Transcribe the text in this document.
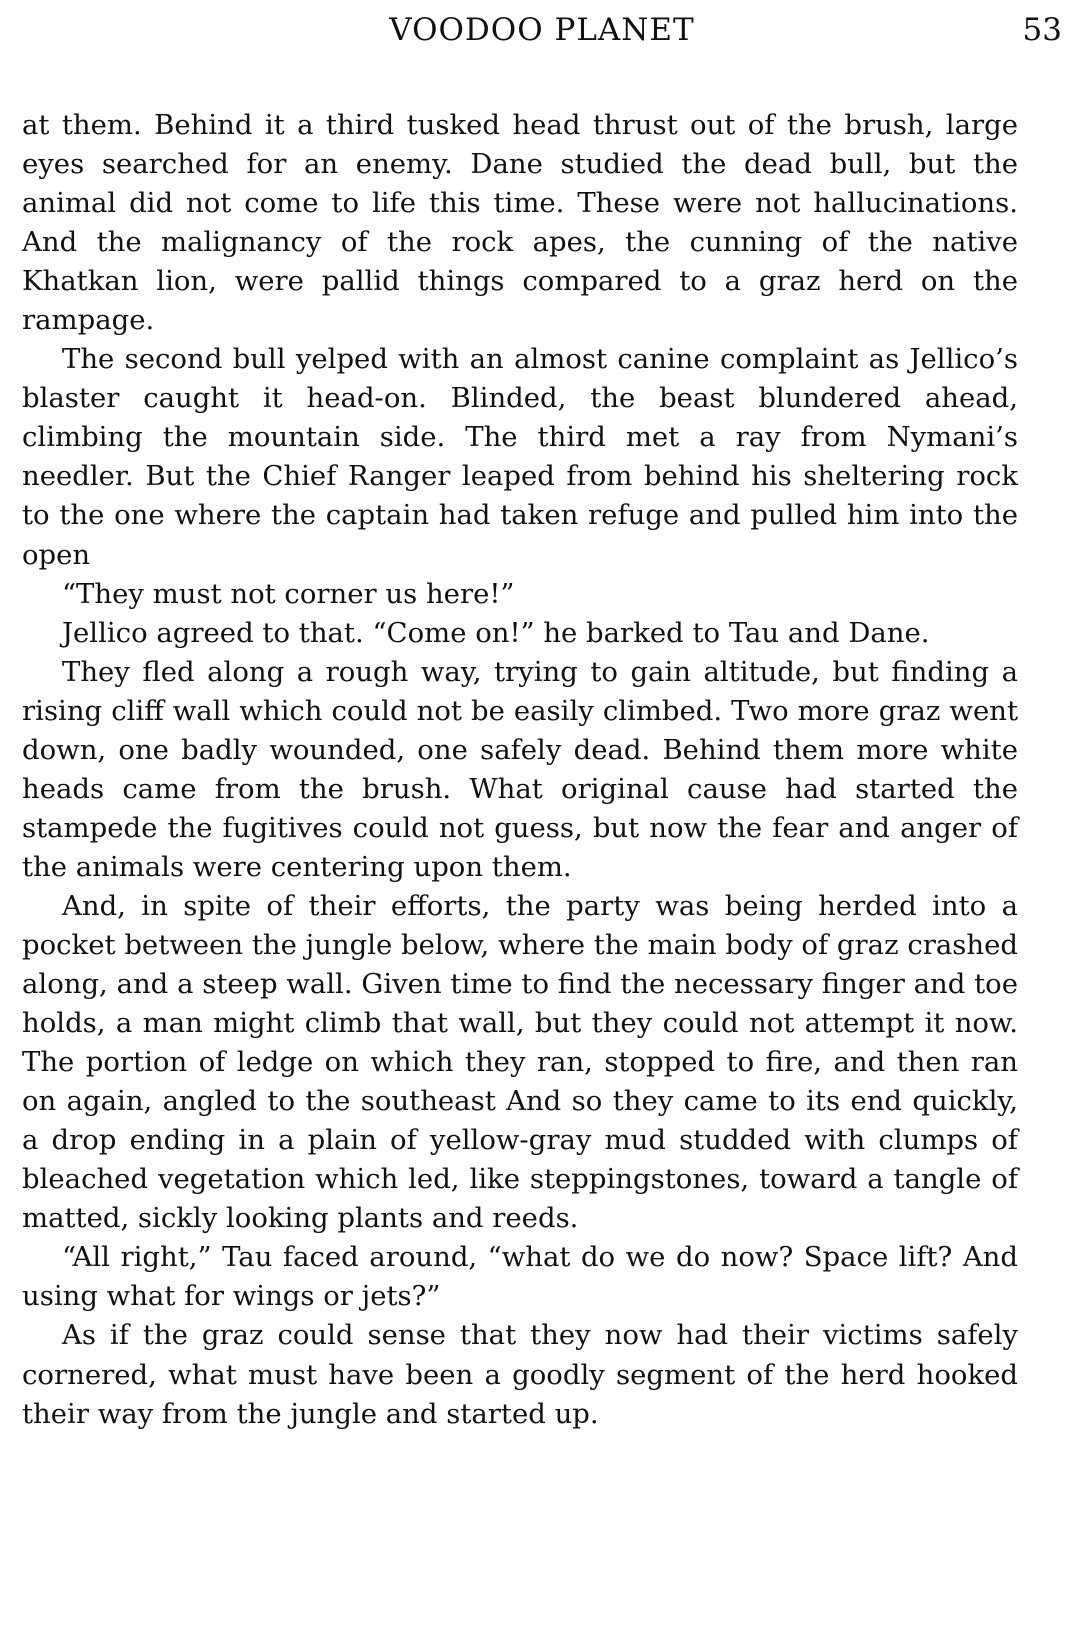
VOODOO PLANET	53

at them. Behind it a third tusked head thrust out of the brush, large eyes searched for an enemy. Dane studied the dead bull, but the animal did not come to life this time. These were not hallucinations. And the malignancy of the rock apes, the cunning of the native Khatkan lion, were pallid things compared to a graz herd on the rampage.

The second bull yelped with an almost canine complaint as Jellico’s blaster caught it head-on. Blinded, the beast blundered ahead, climbing the mountain side. The third met a ray from Nymani’s needler. But the Chief Ranger leaped from behind his sheltering rock to the one where the captain had taken refuge and pulled him into the open

“They must not corner us here!”

Jellico agreed to that. “Come on!” he barked to Tau and Dane.

They fled along a rough way, trying to gain altitude, but finding a rising cliff wall which could not be easily climbed. Two more graz went down, one badly wounded, one safely dead. Behind them more white heads came from the brush. What original cause had started the stampede the fugitives could not guess, but now the fear and anger of the animals were centering upon them.

And, in spite of their efforts, the party was being herded into a pocket between the jungle below, where the main body of graz crashed along, and a steep wall. Given time to find the necessary finger and toe holds, a man might climb that wall, but they could not attempt it now. The portion of ledge on which they ran, stopped to fire, and then ran on again, angled to the southeast And so they came to its end quickly, a drop ending in a plain of yellow-gray mud studded with clumps of bleached vegetation which led, like steppingstones, toward a tangle of matted, sickly looking plants and reeds.

“All right,” Tau faced around, “what do we do now? Space lift? And using what for wings or jets?”

As if the graz could sense that they now had their victims safely cornered, what must have been a goodly segment of the herd hooked their way from the jungle and started up.
